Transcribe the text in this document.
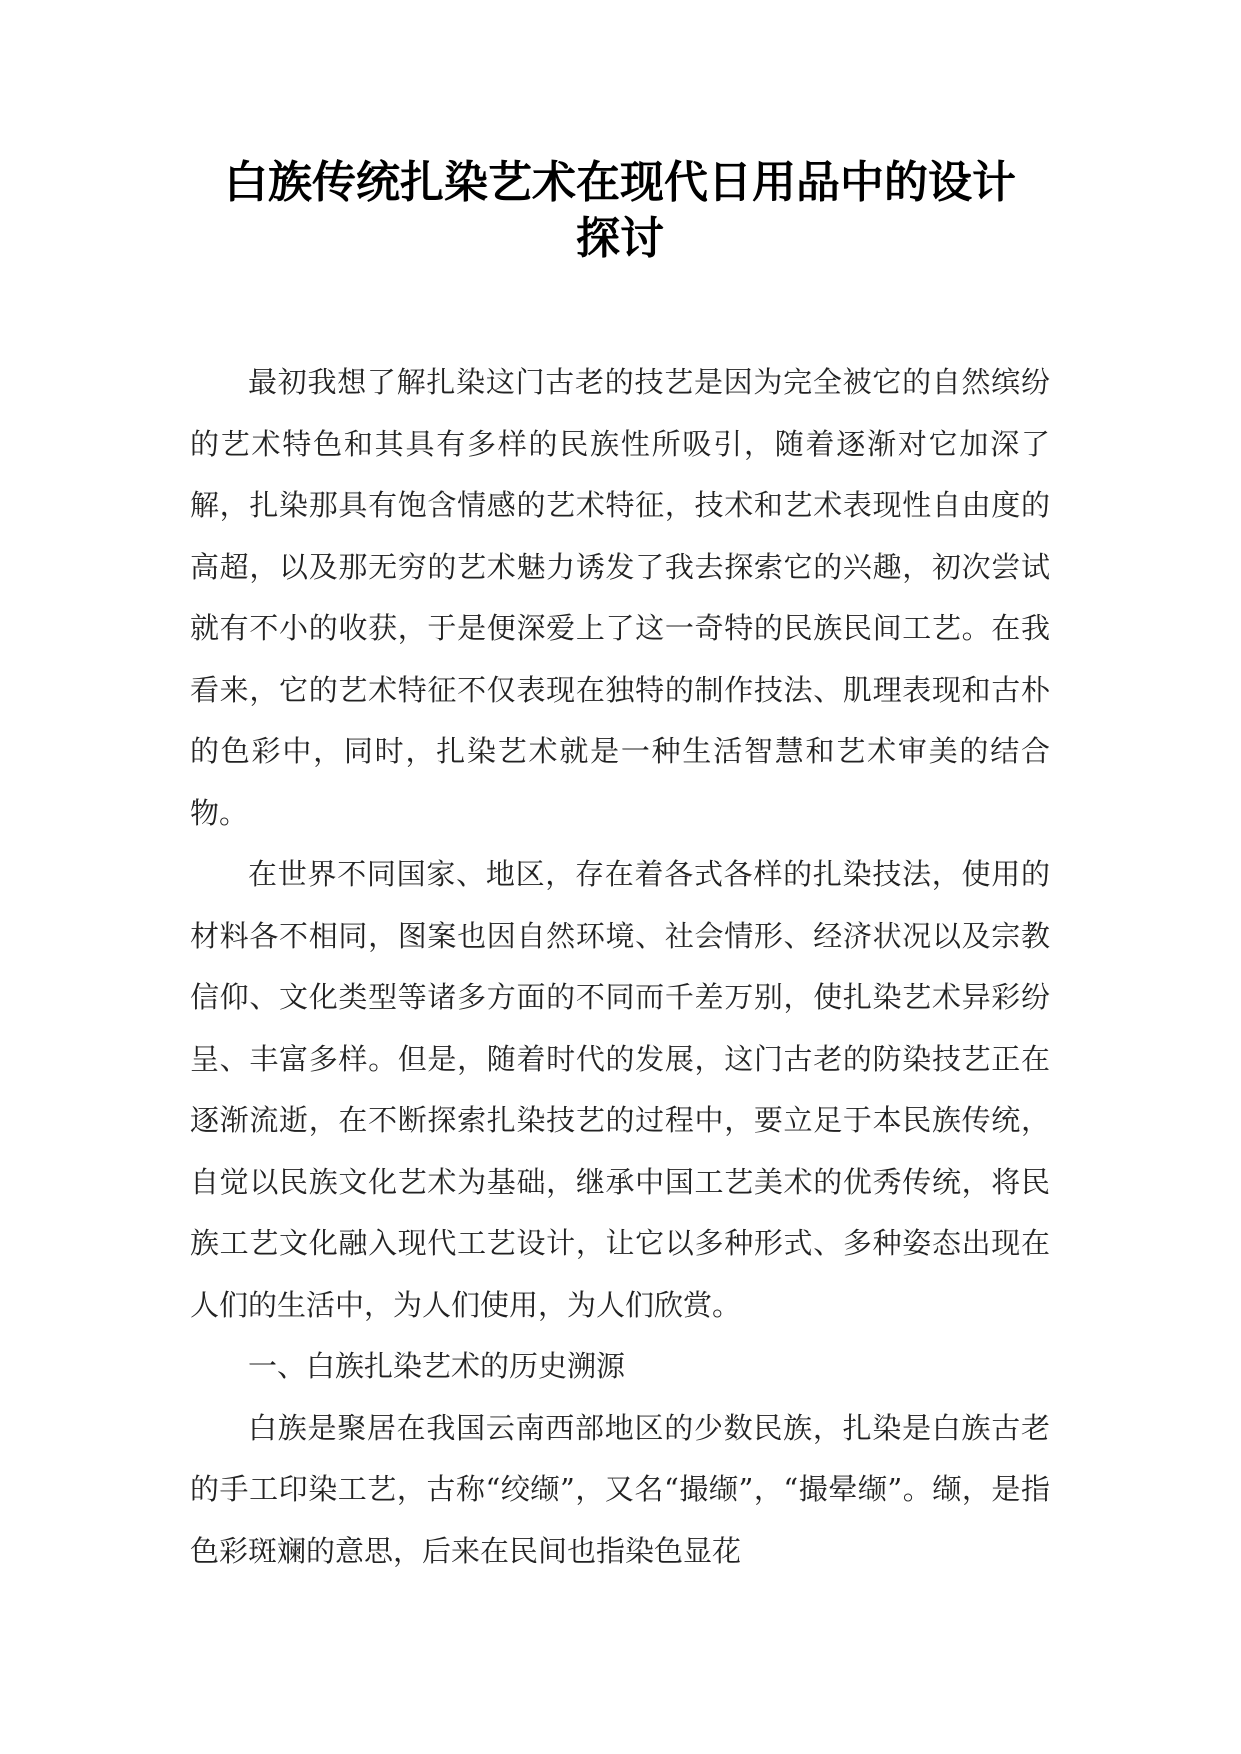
白族传统扎染艺术在现代日用品中的设计
探讨

最初我想了解扎染这门古老的技艺是因为完全被它的自然缤纷的艺术特色和其具有多样的民族性所吸引，随着逐渐对它加深了解，扎染那具有饱含情感的艺术特征，技术和艺术表现性自由度的高超，以及那无穷的艺术魅力诱发了我去探索它的兴趣，初次尝试就有不小的收获，于是便深爱上了这一奇特的民族民间工艺。在我看来，它的艺术特征不仅表现在独特的制作技法、肌理表现和古朴的色彩中，同时，扎染艺术就是一种生活智慧和艺术审美的结合物。

在世界不同国家、地区，存在着各式各样的扎染技法，使用的材料各不相同，图案也因自然环境、社会情形、经济状况以及宗教信仰、文化类型等诸多方面的不同而千差万别，使扎染艺术异彩纷呈、丰富多样。但是，随着时代的发展，这门古老的防染技艺正在逐渐流逝，在不断探索扎染技艺的过程中，要立足于本民族传统，自觉以民族文化艺术为基础，继承中国工艺美术的优秀传统，将民族工艺文化融入现代工艺设计，让它以多种形式、多种姿态出现在人们的生活中，为人们使用，为人们欣赏。

一、白族扎染艺术的历史溯源

白族是聚居在我国云南西部地区的少数民族，扎染是白族古老的手工印染工艺，古称“绞缬”，又名“撮缬”，“撮晕缬”。缬，是指色彩斑斓的意思，后来在民间也指染色显花
